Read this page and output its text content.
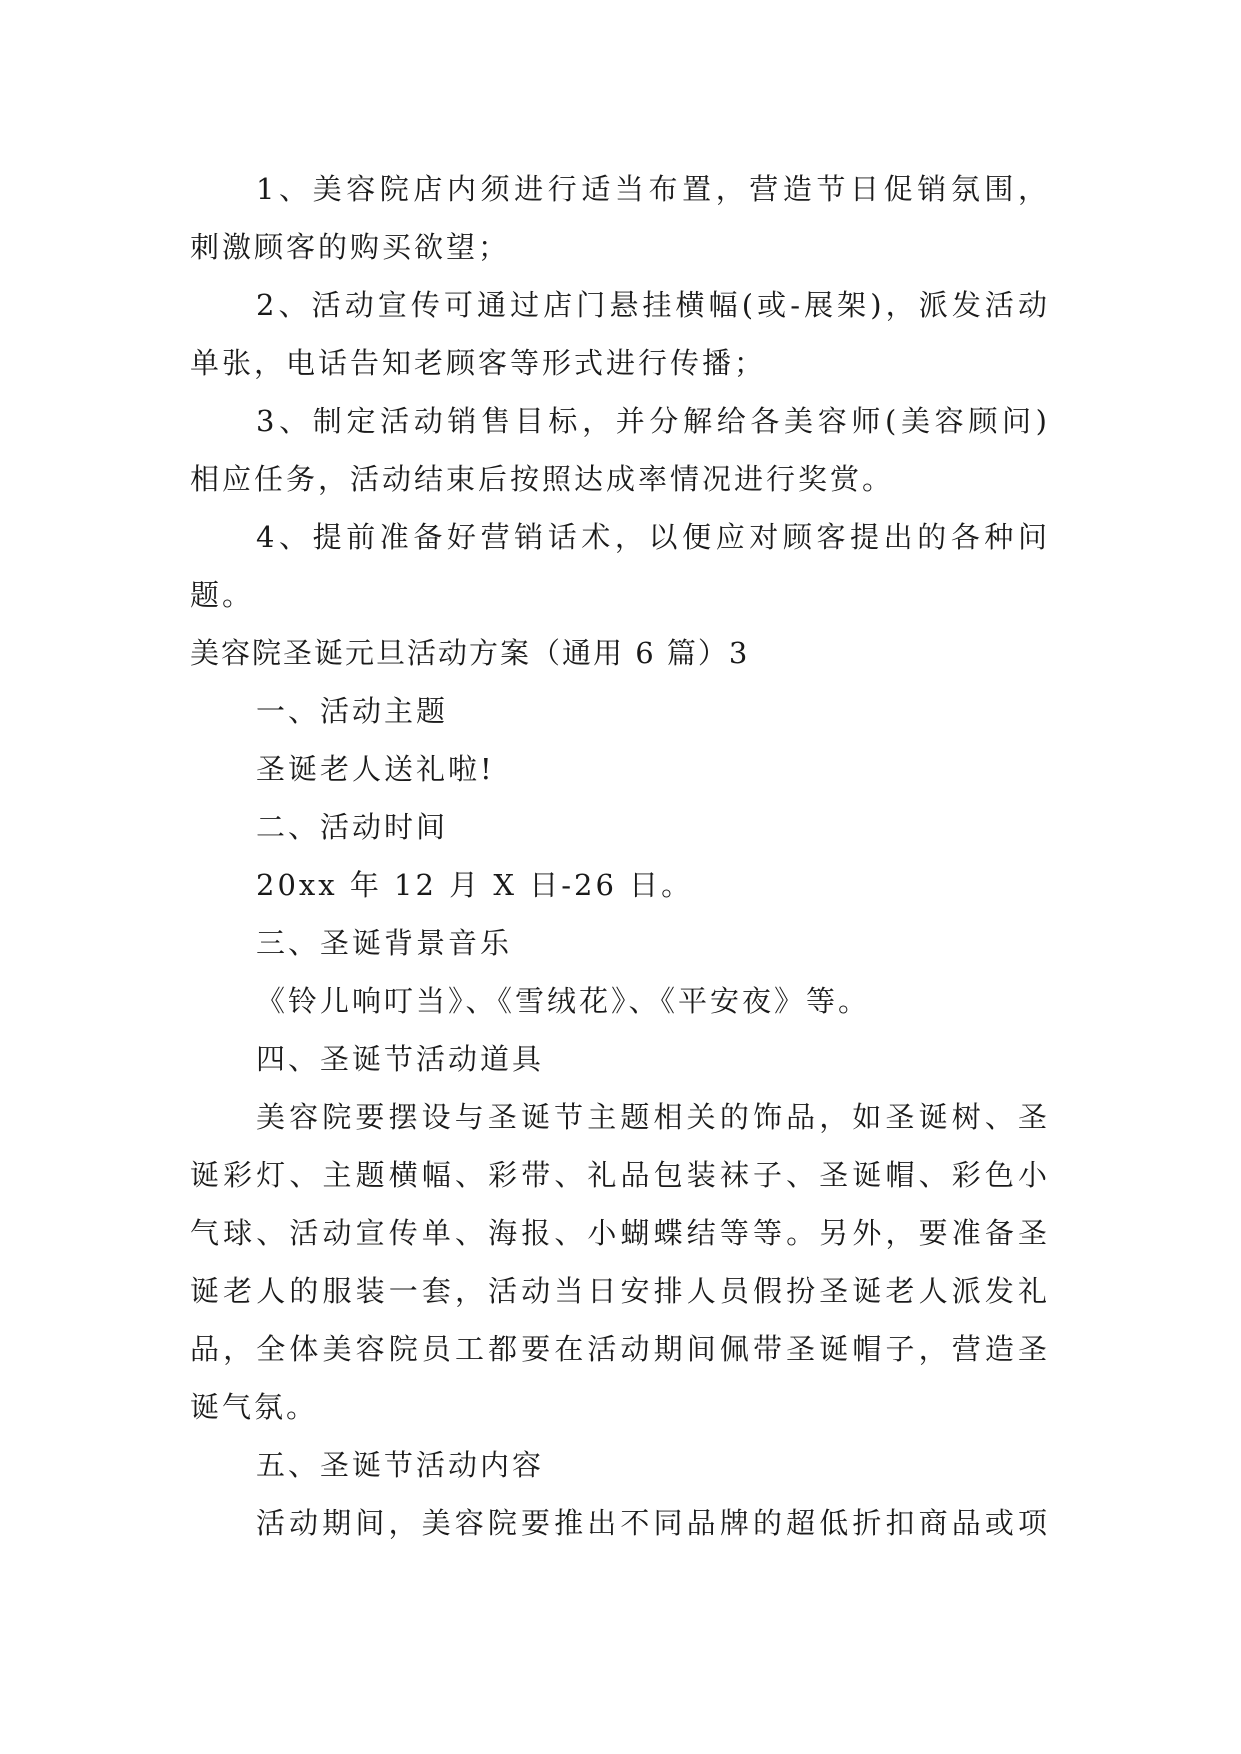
1、美容院店内须进行适当布置，营造节日促销氛围，
刺激顾客的购买欲望；
2、活动宣传可通过店门悬挂横幅(或-展架)，派发活动
单张，电话告知老顾客等形式进行传播；
3、制定活动销售目标，并分解给各美容师(美容顾问)
相应任务，活动结束后按照达成率情况进行奖赏。
4、提前准备好营销话术，以便应对顾客提出的各种问
题。
美容院圣诞元旦活动方案（通用 6 篇）3
一、活动主题
圣诞老人送礼啦!
二、活动时间
20xx 年 12 月 X 日-26 日。
三、圣诞背景音乐
《铃儿响叮当》、《雪绒花》、《平安夜》等。
四、圣诞节活动道具
美容院要摆设与圣诞节主题相关的饰品，如圣诞树、圣
诞彩灯、主题横幅、彩带、礼品包装袜子、圣诞帽、彩色小
气球、活动宣传单、海报、小蝴蝶结等等。另外，要准备圣
诞老人的服装一套，活动当日安排人员假扮圣诞老人派发礼
品，全体美容院员工都要在活动期间佩带圣诞帽子，营造圣
诞气氛。
五、圣诞节活动内容
活动期间，美容院要推出不同品牌的超低折扣商品或项
